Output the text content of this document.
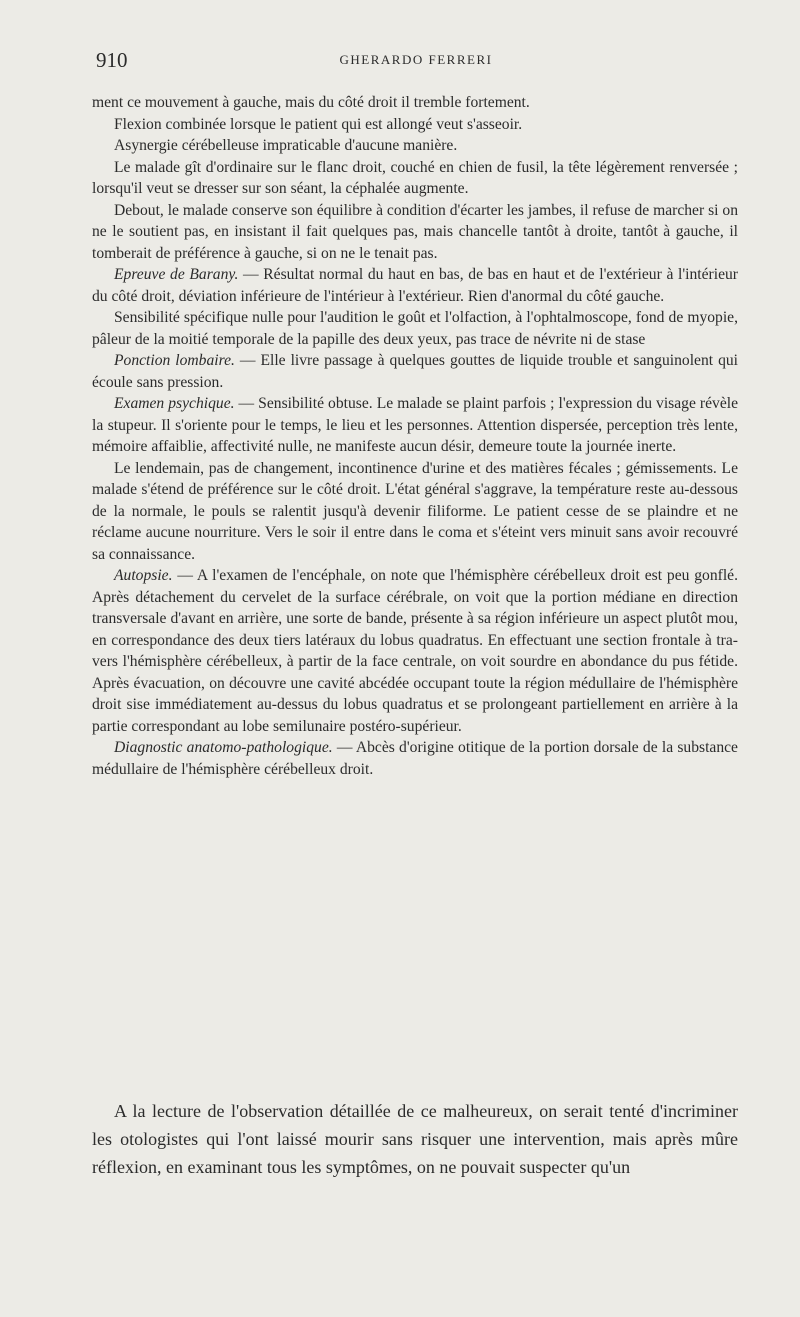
910	GHERARDO FERRERI

ment ce mouvement à gauche, mais du côté droit il tremble fortement.

Flexion combinée lorsque le patient qui est allongé veut s'asseoir.

Asynergie cérébelleuse impraticable d'aucune manière.

Le malade gît d'ordinaire sur le flanc droit, couché en chien de fusil, la tête légèrement renversée ; lorsqu'il veut se dresser sur son séant, la céphalée augmente.

Debout, le malade conserve son équilibre à condition d'écarter les jambes, il refuse de marcher si on ne le soutient pas, en insistant il fait quelques pas, mais chancelle tantôt à droite, tantôt à gauche, il tomberait de préférence à gauche, si on ne le tenait pas.

Epreuve de Barany. — Résultat normal du haut en bas, de bas en haut et de l'extérieur à l'intérieur du côté droit, déviation inférieure de l'intérieur à l'extérieur. Rien d'anormal du côté gauche.

Sensibilité spécifique nulle pour l'audition le goût et l'olfaction, à l'ophtalmoscope, fond de myopie, pâleur de la moitié temporale de la papille des deux yeux, pas trace de névrite ni de stase

Ponction lombaire. — Elle livre passage à quelques gouttes de liquide trouble et sanguinolent qui écoule sans pression.

Examen psychique. — Sensibilité obtuse. Le malade se plaint parfois ; l'expression du visage révèle la stupeur. Il s'oriente pour le temps, le lieu et les personnes. Attention dispersée, perception très lente, mémoire affaiblie, affectivité nulle, ne manifeste aucun désir, demeure toute la journée inerte.

Le lendemain, pas de changement, incontinence d'urine et des matières fécales ; gémissements. Le malade s'étend de préférence sur le côté droit. L'état général s'aggrave, la température reste au-dessous de la normale, le pouls se ralentit jusqu'à devenir filiforme. Le patient cesse de se plaindre et ne réclame aucune nourriture. Vers le soir il entre dans le coma et s'éteint vers minuit sans avoir recouvré sa connaissance.

Autopsie. — A l'examen de l'encéphale, on note que l'hémisphère cérébelleux droit est peu gonflé. Après détachement du cervelet de la surface cérébrale, on voit que la portion médiane en direction transversale d'avant en arrière, une sorte de bande, présente à sa région inférieure un aspect plutôt mou, en correspondance des deux tiers latéraux du lobus quadratus. En effectuant une section frontale à travers l'hémisphère cérébelleux, à partir de la face centrale, on voit sourdre en abondance du pus fétide. Après évacuation, on découvre une cavité abcédée occupant toute la région médullaire de l'hémisphère droit sise immédiatement au-dessus du lobus quadratus et se prolongeant partiellement en arrière à la partie correspondant au lobe semilunaire postéro-supérieur.

Diagnostic anatomo-pathologique. — Abcès d'origine otitique de la portion dorsale de la substance médullaire de l'hémisphère cérébelleux droit.

A la lecture de l'observation détaillée de ce malheureux, on serait tenté d'incriminer les otologistes qui l'ont laissé mourir sans risquer une intervention, mais après mûre réflexion, en examinant tous les symptômes, on ne pouvait suspecter qu'un
